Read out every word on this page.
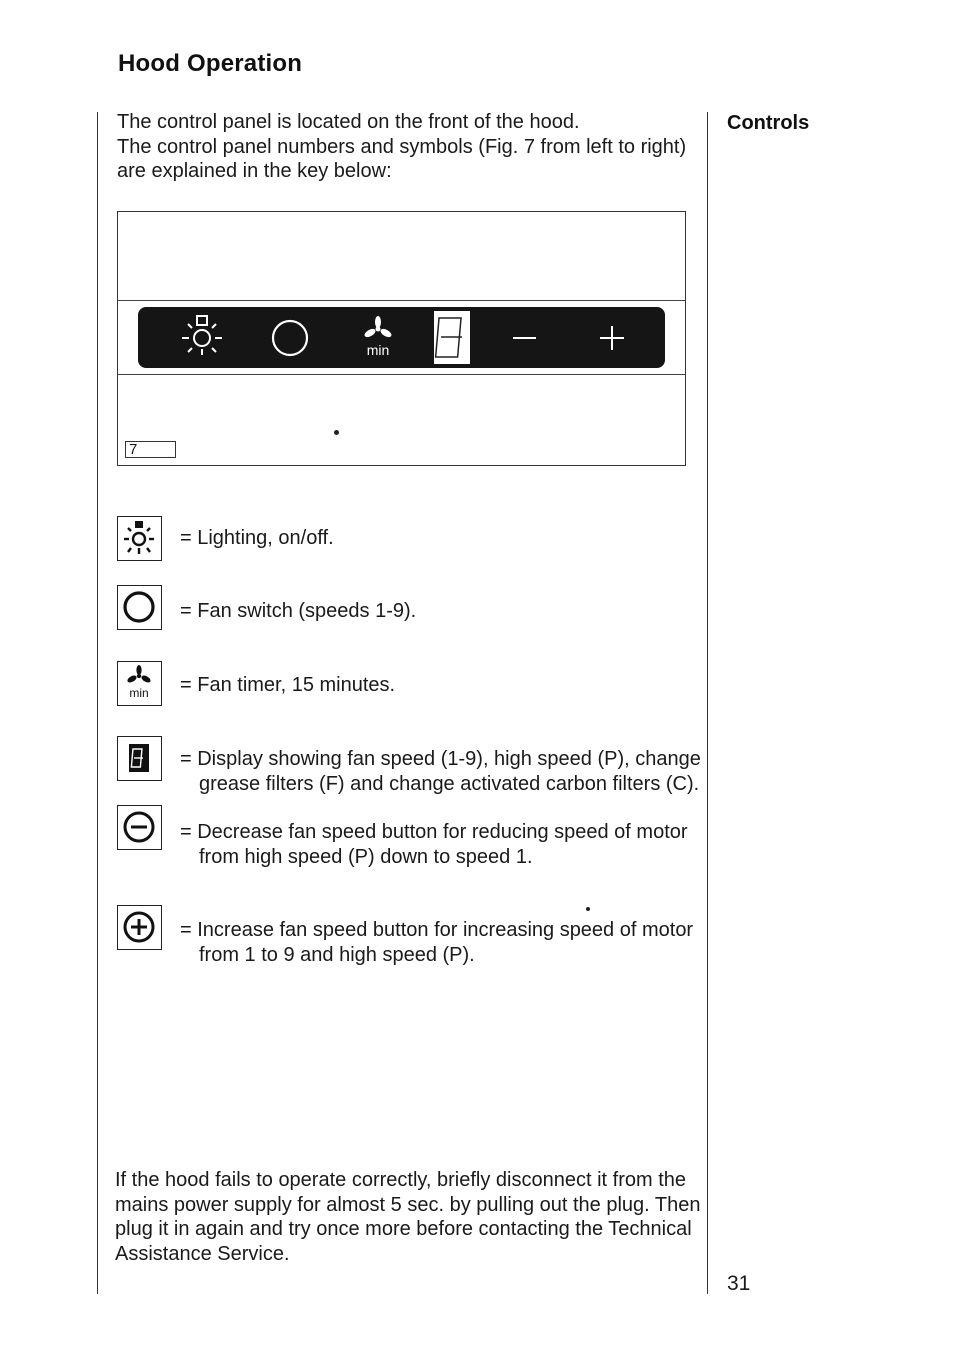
Hood Operation
Controls
The control panel is located on the front of the hood.
The control panel numbers and symbols (Fig. 7 from left to right)
are explained in the key below:
min
7
= Lighting, on/off.
= Fan switch (speeds 1-9).
min = Fan timer, 15 minutes.
= Display showing fan speed (1-9), high speed (P), change
grease filters (F) and change activated carbon filters (C).
= Decrease fan speed button for reducing speed of motor
from high speed (P) down to speed 1.
= Increase fan speed button for increasing speed of motor
from 1 to 9 and high speed (P).
If the hood fails to operate correctly, briefly disconnect it from the
mains power supply for almost 5 sec. by pulling out the plug. Then
plug it in again and try once more before contacting the Technical
Assistance Service.
31
